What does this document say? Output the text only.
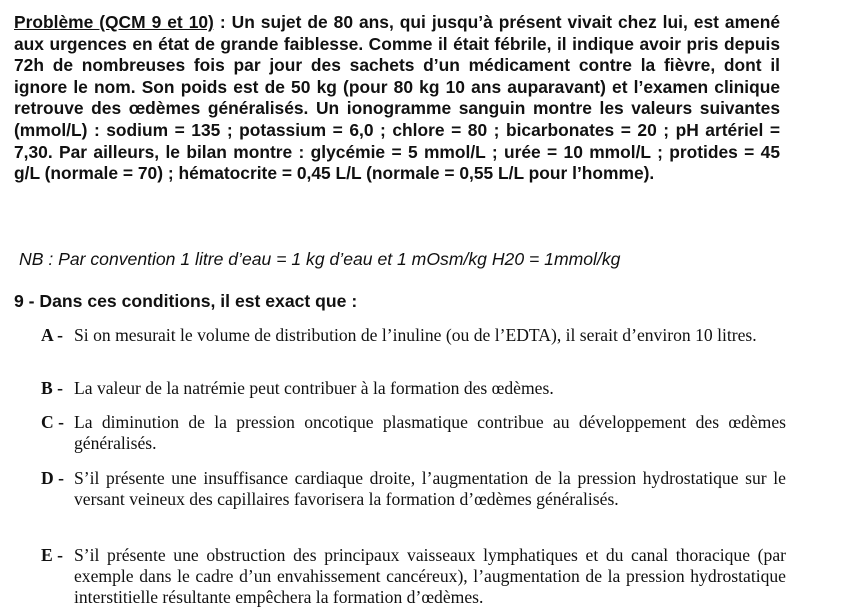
Problème (QCM 9 et 10) : Un sujet de 80 ans, qui jusqu’à présent vivait chez lui, est amené aux urgences en état de grande faiblesse. Comme il était fébrile, il indique avoir pris depuis 72h de nombreuses fois par jour des sachets d’un médicament contre la fièvre, dont il ignore le nom. Son poids est de 50 kg (pour 80 kg 10 ans auparavant) et l’examen clinique retrouve des œdèmes généralisés. Un ionogramme sanguin montre les valeurs suivantes (mmol/L) : sodium = 135 ; potassium = 6,0 ; chlore = 80 ; bicarbonates = 20 ; pH artériel = 7,30. Par ailleurs, le bilan montre : glycémie = 5 mmol/L ; urée = 10 mmol/L ; protides = 45 g/L (normale = 70) ; hématocrite = 0,45 L/L (normale = 0,55 L/L pour l’homme).

NB : Par convention 1 litre d’eau = 1 kg d’eau et 1 mOsm/kg H20 = 1mmol/kg

9 - Dans ces conditions, il est exact que :

A - Si on mesurait le volume de distribution de l’inuline (ou de l’EDTA), il serait d’environ 10 litres.
B - La valeur de la natrémie peut contribuer à la formation des œdèmes.
C - La diminution de la pression oncotique plasmatique contribue au développement des œdèmes généralisés.
D - S’il présente une insuffisance cardiaque droite, l’augmentation de la pression hydrostatique sur le versant veineux des capillaires favorisera la formation d’œdèmes généralisés.
E - S’il présente une obstruction des principaux vaisseaux lymphatiques et du canal thoracique (par exemple dans le cadre d’un envahissement cancéreux), l’augmentation de la pression hydrostatique interstitielle résultante empêchera la formation d’œdèmes.
